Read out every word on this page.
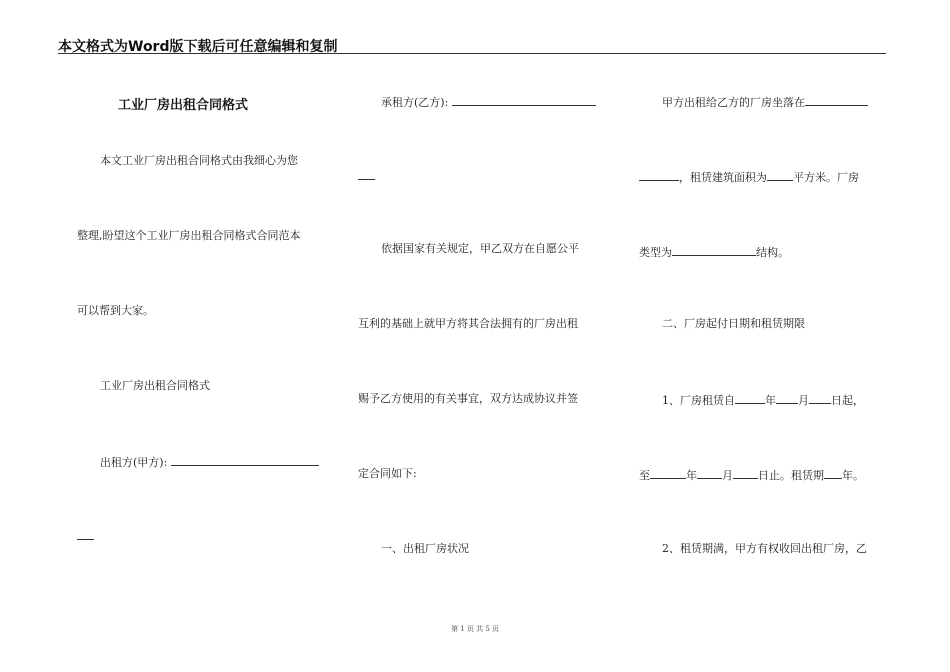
本文格式为Word版下载后可任意编辑和复制
工业厂房出租合同格式
本文工业厂房出租合同格式由我细心为您
整理,盼望这个工业厂房出租合同格式合同范本
可以帮到大家。
工业厂房出租合同格式
出租方(甲方):
承租方(乙方):
依据国家有关规定，甲乙双方在自愿公平
互利的基础上就甲方将其合法拥有的厂房出租
赐予乙方使用的有关事宜，双方达成协议并签
定合同如下:
一、出租厂房状况
甲方出租给乙方的厂房坐落在
，租赁建筑面积为 平方米。厂房
类型为	结构。
二、厂房起付日期和租赁期限
1、厂房租赁自	年 月 日起，
至	年 月 日止。租赁期 年。
2、租赁期满，甲方有权收回出租厂房，乙
第 1 页 共 5 页
